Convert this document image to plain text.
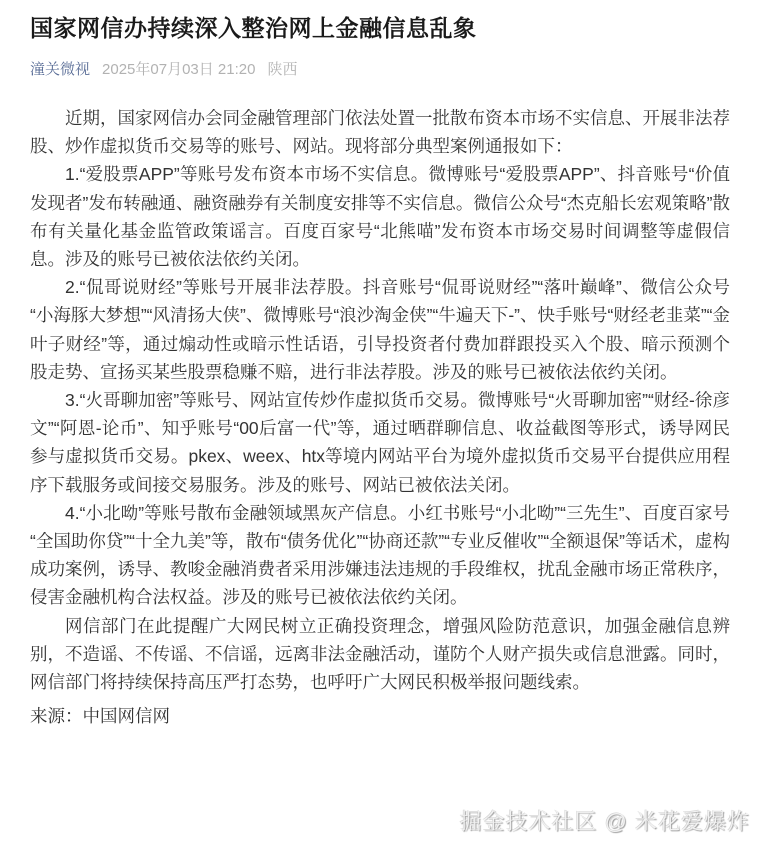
国家网信办持续深入整治网上金融信息乱象
潼关微视 2025年07月03日 21:20 陕西

近期，国家网信办会同金融管理部门依法处置一批散布资本市场不实信息、开展非法荐股、炒作虚拟货币交易等的账号、网站。现将部分典型案例通报如下：

1.“爱股票APP”等账号发布资本市场不实信息。微博账号“爱股票APP”、抖音账号“价值发现者”发布转融通、融资融券有关制度安排等不实信息。微信公众号“杰克船长宏观策略”散布有关量化基金监管政策谣言。百度百家号“北熊喵”发布资本市场交易时间调整等虚假信息。涉及的账号已被依法依约关闭。

2.“侃哥说财经”等账号开展非法荐股。抖音账号“侃哥说财经”“落叶巅峰”、微信公众号“小海豚大梦想”“风清扬大侠”、微博账号“浪沙淘金侠”“牛遍天下-”、快手账号“财经老韭菜”“金叶子财经”等，通过煽动性或暗示性话语，引导投资者付费加群跟投买入个股、暗示预测个股走势、宣扬买某些股票稳赚不赔，进行非法荐股。涉及的账号已被依法依约关闭。

3.“火哥聊加密”等账号、网站宣传炒作虚拟货币交易。微博账号“火哥聊加密”“财经-徐彦文”“阿恩-论币”、知乎账号“00后富一代”等，通过晒群聊信息、收益截图等形式，诱导网民参与虚拟货币交易。pkex、weex、htx等境内网站平台为境外虚拟货币交易平台提供应用程序下载服务或间接交易服务。涉及的账号、网站已被依法关闭。

4.“小北呦”等账号散布金融领域黑灰产信息。小红书账号“小北呦”“三先生”、百度百家号“全国助你贷”“十全九美”等，散布“债务优化”“协商还款”“专业反催收”“全额退保”等话术，虚构成功案例，诱导、教唆金融消费者采用涉嫌违法违规的手段维权，扰乱金融市场正常秩序，侵害金融机构合法权益。涉及的账号已被依法依约关闭。

网信部门在此提醒广大网民树立正确投资理念，增强风险防范意识，加强金融信息辨别，不造谣、不传谣、不信谣，远离非法金融活动，谨防个人财产损失或信息泄露。同时，网信部门将持续保持高压严打态势，也呼吁广大网民积极举报问题线索。

来源：中国网信网
掘金技术社区 @ 米花爱爆炸
